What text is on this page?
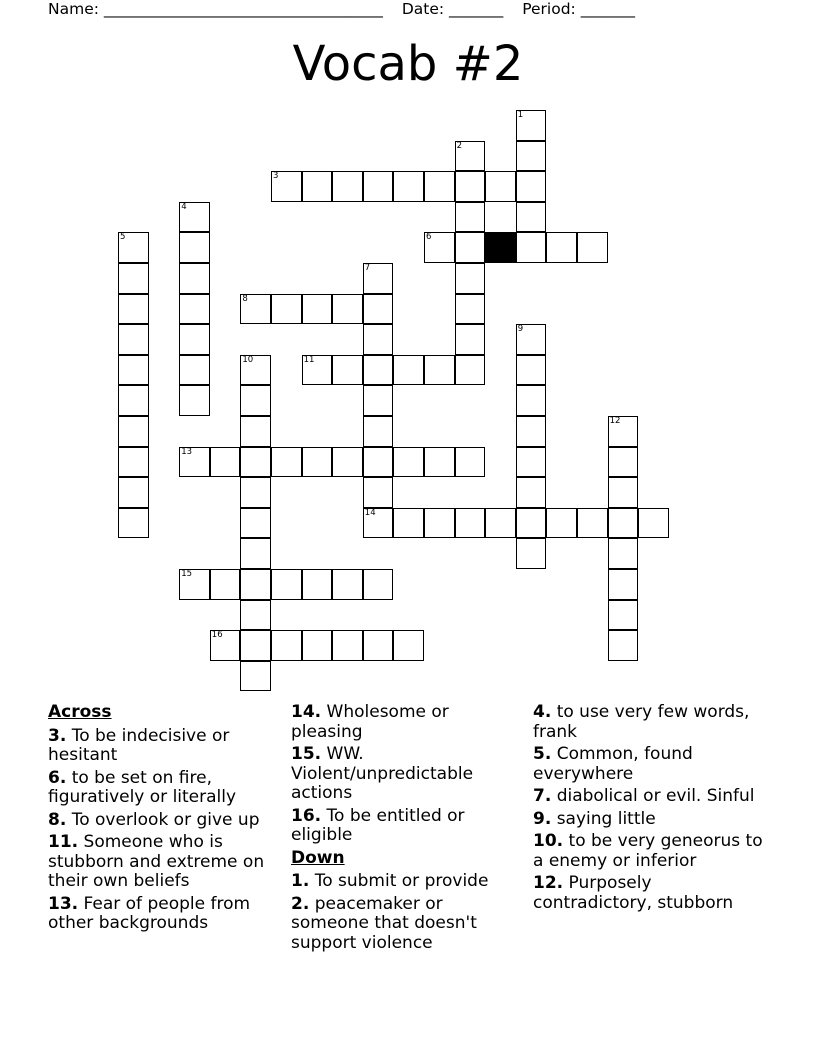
Name: ____________________________________ Date: _______ Period: _______
Vocab #2
1
2
3
4
5	6
7
8
9
10	11
12
13
14
15
16
Across
3. To be indecisive or hesitant
6. to be set on fire, figuratively or literally
8. To overlook or give up
11. Someone who is stubborn and extreme on their own beliefs
13. Fear of people from other backgrounds
14. Wholesome or pleasing
15. WW. Violent/unpredictable actions
16. To be entitled or eligible
Down
1. To submit or provide
2. peacemaker or someone that doesn't support violence
4. to use very few words, frank
5. Common, found everywhere
7. diabolical or evil. Sinful
9. saying little
10. to be very geneorus to a enemy or inferior
12. Purposely contradictory, stubborn
